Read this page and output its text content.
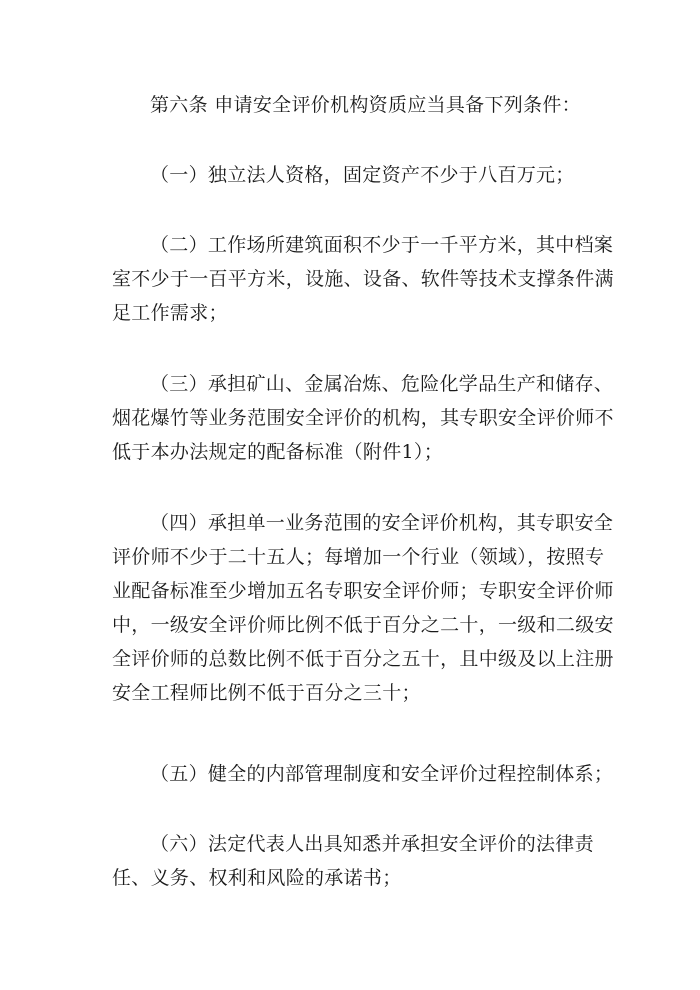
第六条 申请安全评价机构资质应当具备下列条件：

（一）独立法人资格，固定资产不少于八百万元；

（二）工作场所建筑面积不少于一千平方米，其中档案
室不少于一百平方米，设施、设备、软件等技术支撑条件满
足工作需求；

（三）承担矿山、金属冶炼、危险化学品生产和储存、
烟花爆竹等业务范围安全评价的机构，其专职安全评价师不
低于本办法规定的配备标准（附件1）；

（四）承担单一业务范围的安全评价机构，其专职安全
评价师不少于二十五人；每增加一个行业（领域），按照专
业配备标准至少增加五名专职安全评价师；专职安全评价师
中，一级安全评价师比例不低于百分之二十，一级和二级安
全评价师的总数比例不低于百分之五十，且中级及以上注册
安全工程师比例不低于百分之三十；

（五）健全的内部管理制度和安全评价过程控制体系；

（六）法定代表人出具知悉并承担安全评价的法律责
任、义务、权利和风险的承诺书；
